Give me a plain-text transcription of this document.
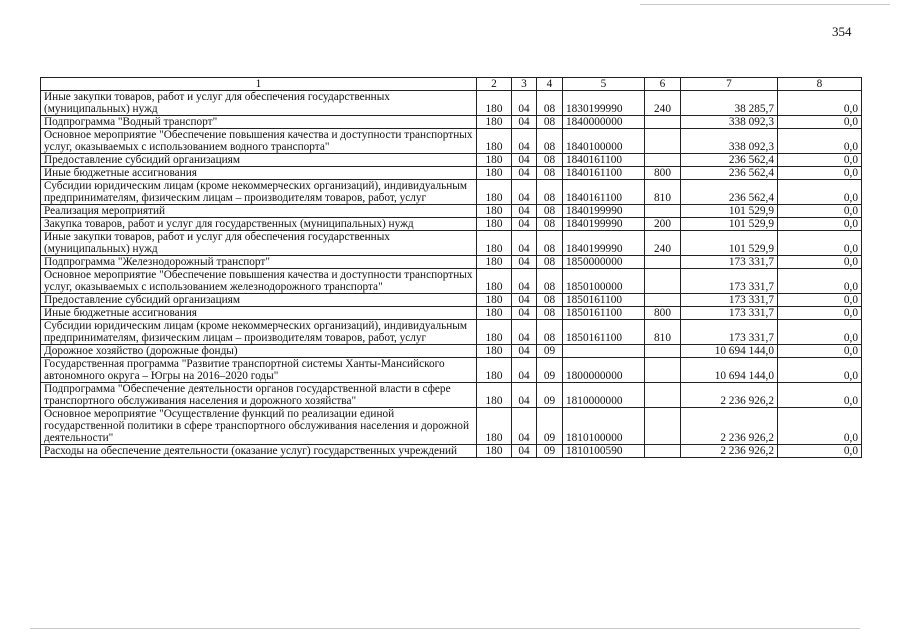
354
1	2	3	4	5	6	7	8
Иные закупки товаров, работ и услуг для обеспечения государственных (муниципальных) нужд	180	04	08	1830199990	240	38 285,7	0,0
Подпрограмма "Водный транспорт"	180	04	08	1840000000		338 092,3	0,0
Основное мероприятие "Обеспечение повышения качества и доступности транспортных услуг, оказываемых с использованием водного транспорта"	180	04	08	1840100000		338 092,3	0,0
Предоставление субсидий организациям	180	04	08	1840161100		236 562,4	0,0
Иные бюджетные ассигнования	180	04	08	1840161100	800	236 562,4	0,0
Субсидии юридическим лицам (кроме некоммерческих организаций), индивидуальным предпринимателям, физическим лицам – производителям товаров, работ, услуг	180	04	08	1840161100	810	236 562,4	0,0
Реализация мероприятий	180	04	08	1840199990		101 529,9	0,0
Закупка товаров, работ и услуг для государственных (муниципальных) нужд	180	04	08	1840199990	200	101 529,9	0,0
Иные закупки товаров, работ и услуг для обеспечения государственных (муниципальных) нужд	180	04	08	1840199990	240	101 529,9	0,0
Подпрограмма "Железнодорожный транспорт"	180	04	08	1850000000		173 331,7	0,0
Основное мероприятие "Обеспечение повышения качества и доступности транспортных услуг, оказываемых с использованием железнодорожного транспорта"	180	04	08	1850100000		173 331,7	0,0
Предоставление субсидий организациям	180	04	08	1850161100		173 331,7	0,0
Иные бюджетные ассигнования	180	04	08	1850161100	800	173 331,7	0,0
Субсидии юридическим лицам (кроме некоммерческих организаций), индивидуальным предпринимателям, физическим лицам – производителям товаров, работ, услуг	180	04	08	1850161100	810	173 331,7	0,0
Дорожное хозяйство (дорожные фонды)	180	04	09			10 694 144,0	0,0
Государственная программа "Развитие транспортной системы Ханты-Мансийского автономного округа – Югры на 2016–2020 годы"	180	04	09	1800000000		10 694 144,0	0,0
Подпрограмма "Обеспечение деятельности органов государственной власти в сфере транспортного обслуживания населения и дорожного хозяйства"	180	04	09	1810000000		2 236 926,2	0,0
Основное мероприятие "Осуществление функций по реализации единой государственной политики в сфере транспортного обслуживания населения и дорожной деятельности"	180	04	09	1810100000		2 236 926,2	0,0
Расходы на обеспечение деятельности (оказание услуг) государственных учреждений	180	04	09	1810100590		2 236 926,2	0,0
